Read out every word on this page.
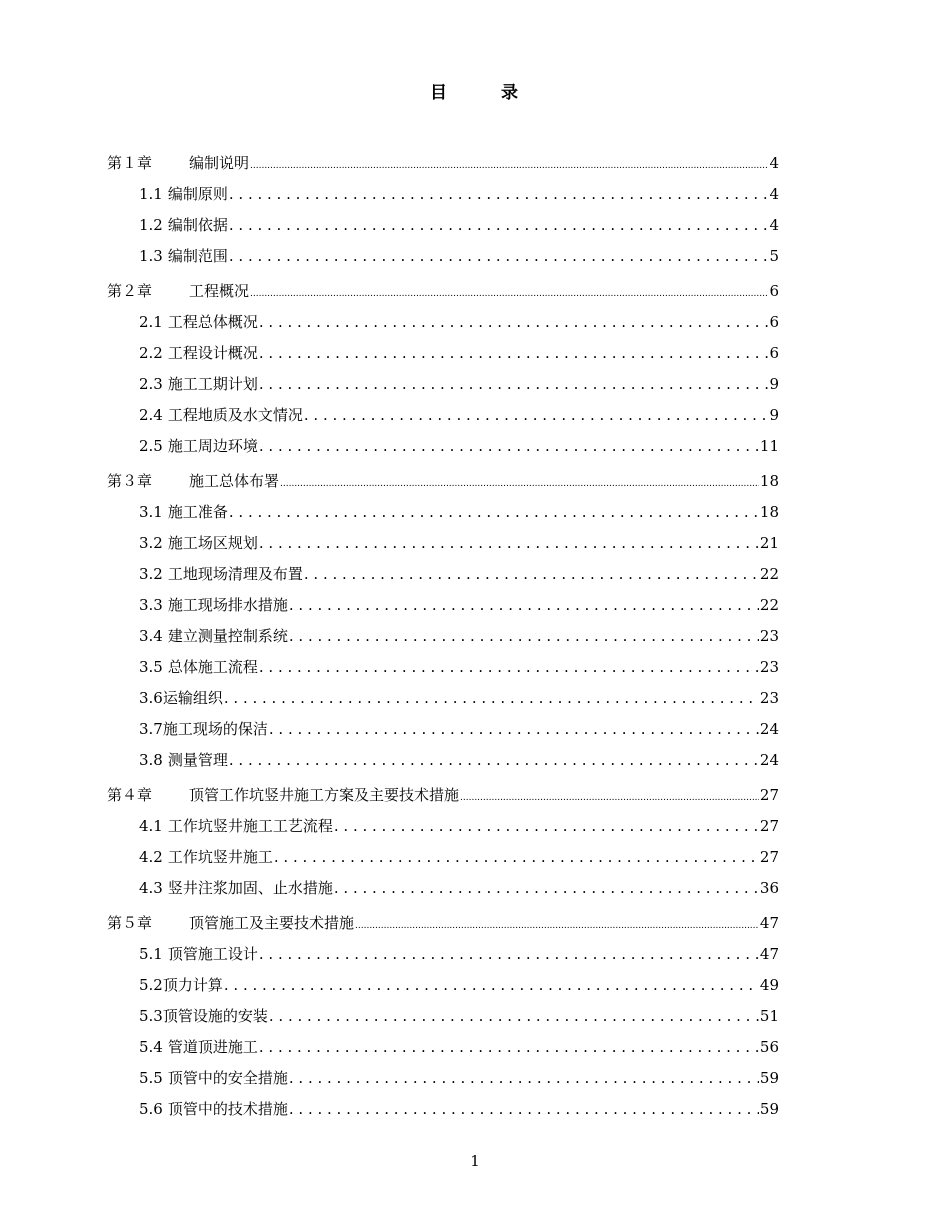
目	录
第１章	编制说明 .....	4
1.1 编制原则 . . .	4
1.2 编制依据 . . .	4
1.3 编制范围 . . .	5
第２章	工程概况 .....	6
2.1 工程总体概况 . . .	6
2.2 工程设计概况 . . .	6
2.3 施工工期计划 . . .	9
2.4 工程地质及水文情况 . . .	9
2.5 施工周边环境 . . .	11
第３章	施工总体布署 .....	18
3.1 施工准备 . . .	18
3.2 施工场区规划 . . .	21
3.2 工地现场清理及布置 . . .	22
3.3 施工现场排水措施 . . .	22
3.4 建立测量控制系统 . . .	23
3.5 总体施工流程 . . .	23
3.6 运输组织 . . .	23
3.7 施工现场的保洁 . . .	24
3.8 测量管理 . . .	24
第４章	顶管工作坑竖井施工方案及主要技术措施 .....	27
4.1 工作坑竖井施工工艺流程 . . .	27
4.2 工作坑竖井施工 . . .	27
4.3 竖井注浆加固、止水措施 . . .	36
第５章	顶管施工及主要技术措施 .....	47
5.1 顶管施工设计 . . .	47
5.2 顶力计算 . . .	49
5.3 顶管设施的安装 . . .	51
5.4 管道顶进施工 . . .	56
5.5 顶管中的安全措施 . . .	59
5.6 顶管中的技术措施 . . .	59
1
